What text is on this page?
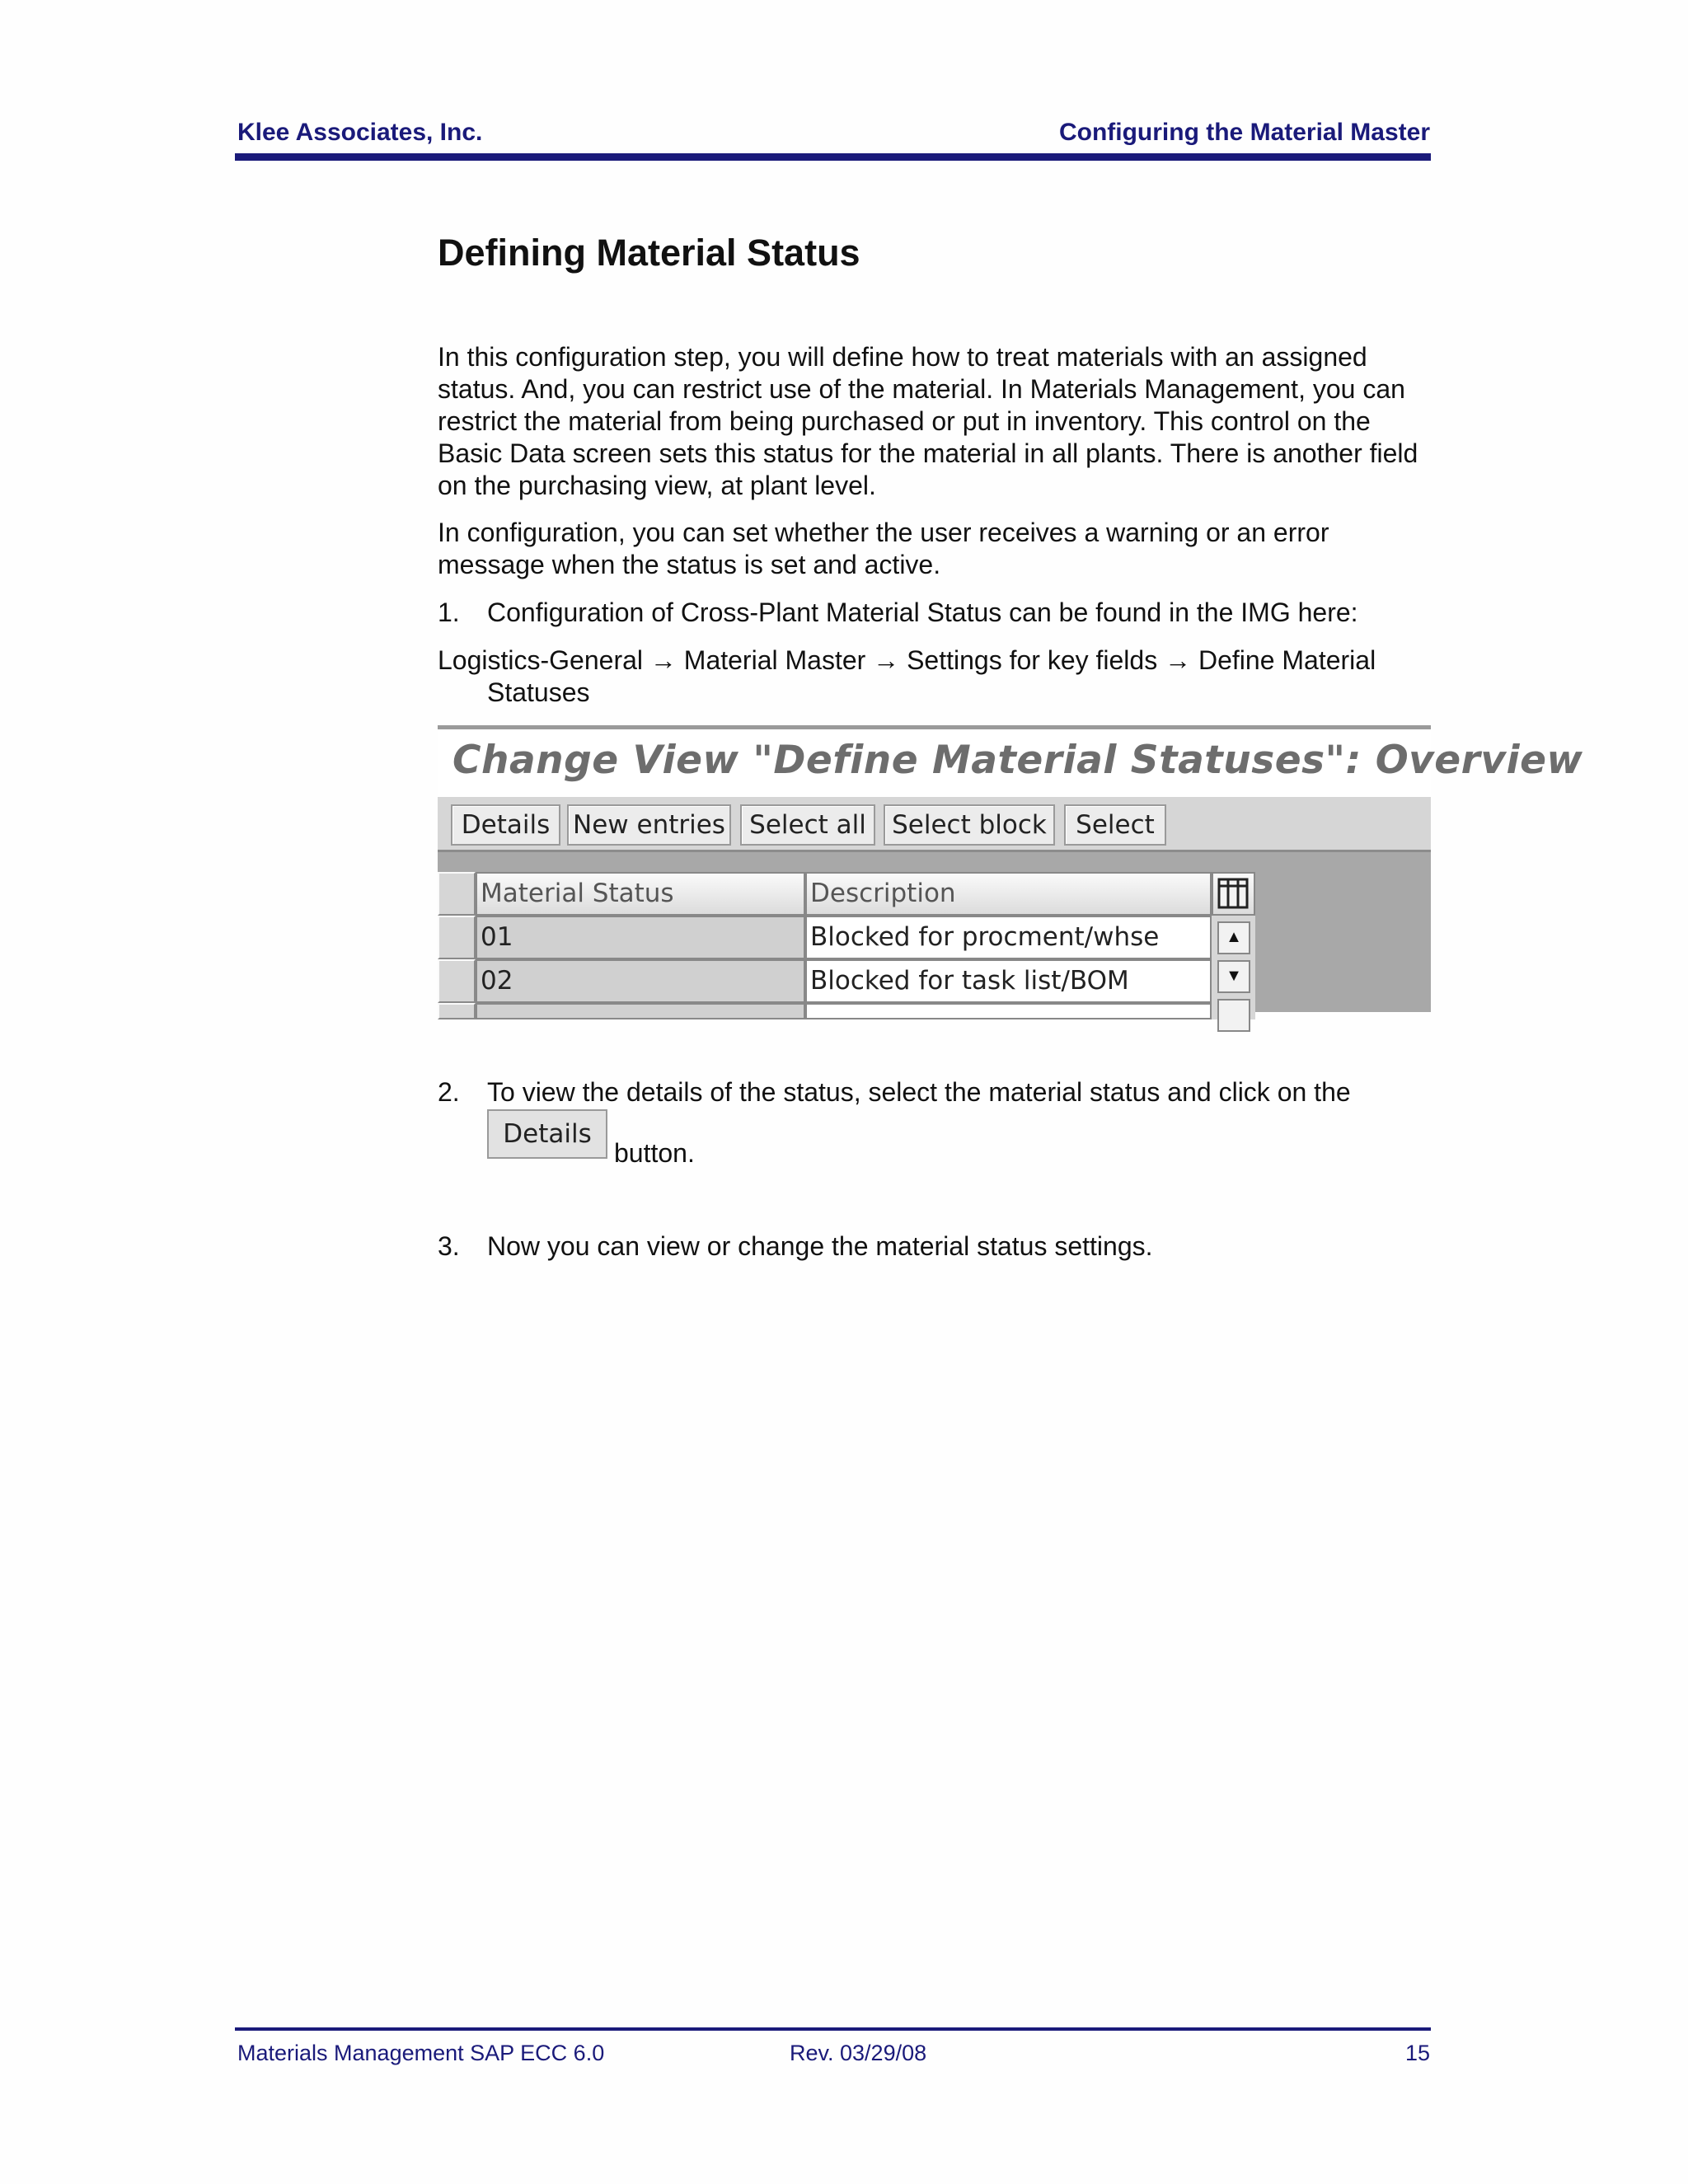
Klee Associates, Inc.	Configuring the Material Master
Defining Material Status
In this configuration step, you will define how to treat materials with an assigned status. And, you can restrict use of the material. In Materials Management, you can restrict the material from being purchased or put in inventory. This control on the Basic Data screen sets this status for the material in all plants. There is another field on the purchasing view, at plant level.
In configuration, you can set whether the user receives a warning or an error message when the status is set and active.
1. Configuration of Cross-Plant Material Status can be found in the IMG here:
Logistics-General → Material Master → Settings for key fields → Define Material Statuses
Change View "Define Material Statuses": Overview
Details New entries Select all	Select block	Select
Material Status	Description
01	Blocked for procment/whse
02	Blocked for task list/BOM
▲
▼
2. To view the details of the status, select the material status and click on the
Details
button.
3. Now you can view or change the material status settings.
Materials Management SAP ECC 6.0	Rev. 03/29/08	15
